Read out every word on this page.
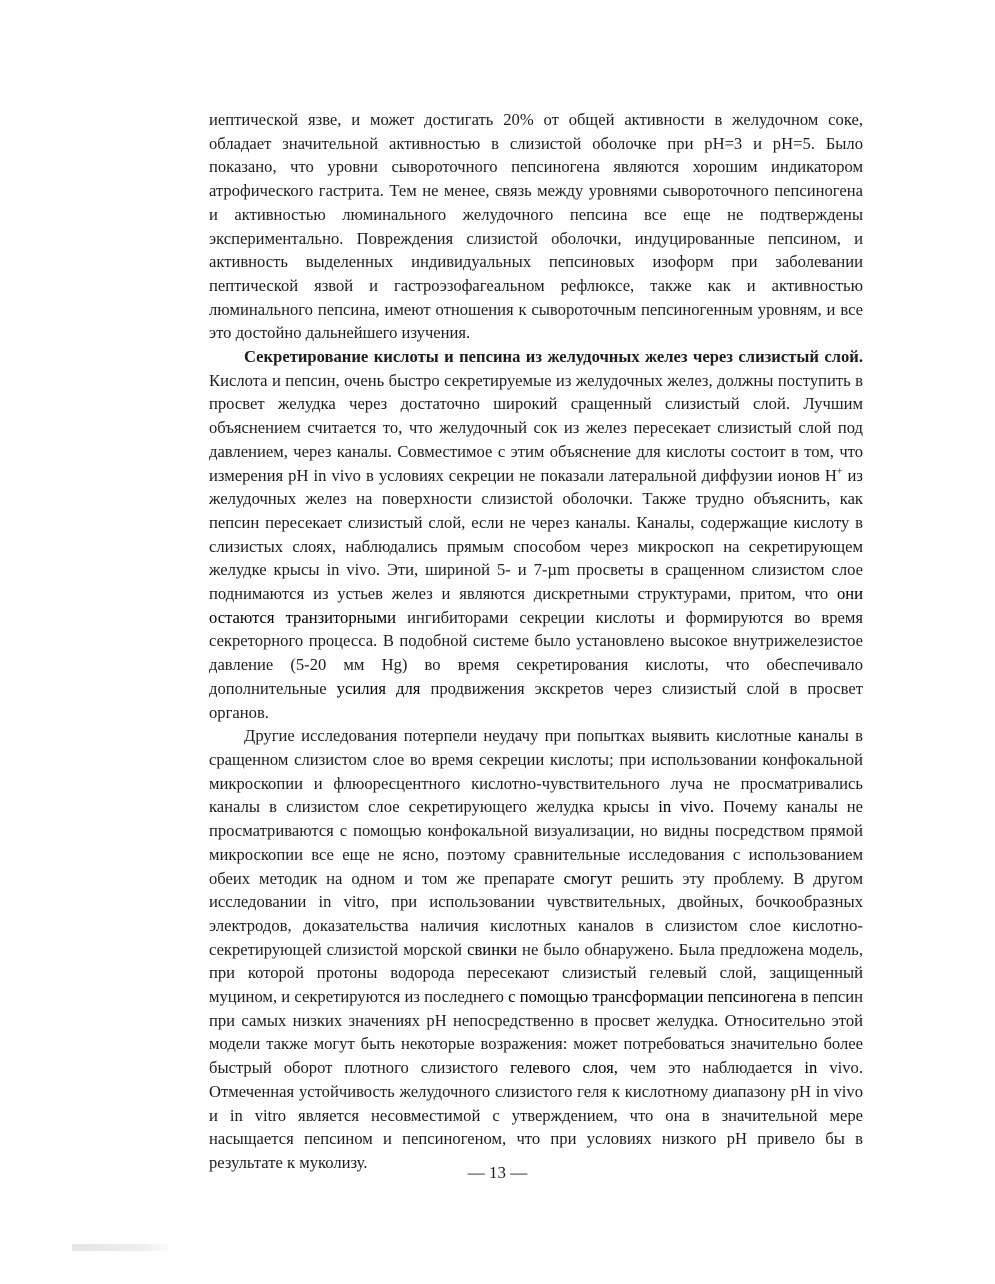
иептической язве, и может достигать 20% от общей активности в желудочном соке, обладает значительной активностью в слизистой оболочке при pH=3 и pH=5. Было показано, что уровни сывороточного пепсиногена являются хорошим индикатором атрофического гастрита. Тем не менее, связь между уровнями сывороточного пепсиногена и активностью люминального желудочного пепсина все еще не подтверждены экспериментально. Повреждения слизистой оболочки, индуцированные пепсином, и активность выделенных индивидуальных пепсиновых изоформ при заболевании пептической язвой и гастроэзофагеальном рефлюксе, также как и активностью люминального пепсина, имеют отношения к сывороточным пепсиногенным уровням, и все это достойно дальнейшего изучения.

Секретирование кислоты и пепсина из желудочных желез через слизистый слой. Кислота и пепсин, очень быстро секретируемые из желудочных желез, должны поступить в просвет желудка через достаточно широкий сращенный слизистый слой. Лучшим объяснением считается то, что желудочный сок из желез пересекает слизистый слой под давлением, через каналы. Совместимое с этим объяснение для кислоты состоит в том, что измерения pH in vivo в условиях секреции не показали латеральной диффузии ионов H+ из желудочных желез на поверхности слизистой оболочки. Также трудно объяснить, как пепсин пересекает слизистый слой, если не через каналы. Каналы, содержащие кислоту в слизистых слоях, наблюдались прямым способом через микроскоп на секретирующем желудке крысы in vivo. Эти, шириной 5- и 7-µm просветы в сращенном слизистом слое поднимаются из устьев желез и являются дискретными структурами, притом, что они остаются транзиторными ингибиторами секреции кислоты и формируются во время секреторного процесса. В подобной системе было установлено высокое внутрижелезистое давление (5-20 мм Hg) во время секретирования кислоты, что обеспечивало дополнительные усилия для продвижения экскретов через слизистый слой в просвет органов.

Другие исследования потерпели неудачу при попытках выявить кислотные каналы в сращенном слизистом слое во время секреции кислоты; при использовании конфокальной микроскопии и флюоресцентного кислотно-чувствительного луча не просматривались каналы в слизистом слое секретирующего желудка крысы in vivo. Почему каналы не просматриваются с помощью конфокальной визуализации, но видны посредством прямой микроскопии все еще не ясно, поэтому сравнительные исследования с использованием обеих методик на одном и том же препарате смогут решить эту проблему. В другом исследовании in vitro, при использовании чувствительных, двойных, бочкообразных электродов, доказательства наличия кислотных каналов в слизистом слое кислотно-секретирующей слизистой морской свинки не было обнаружено. Была предложена модель, при которой протоны водорода пересекают слизистый гелевый слой, защищенный муцином, и секретируются из последнего с помощью трансформации пепсиногена в пепсин при самых низких значениях pH непосредственно в просвет желудка. Относительно этой модели также могут быть некоторые возражения: может потребоваться значительно более быстрый оборот плотного слизистого гелевого слоя, чем это наблюдается in vivo. Отмеченная устойчивость желудочного слизистого геля к кислотному диапазону pH in vivo и in vitro является несовместимой с утверждением, что она в значительной мере насыщается пепсином и пепсиногеном, что при условиях низкого pH привело бы в результате к муколизу.

— 13 —
